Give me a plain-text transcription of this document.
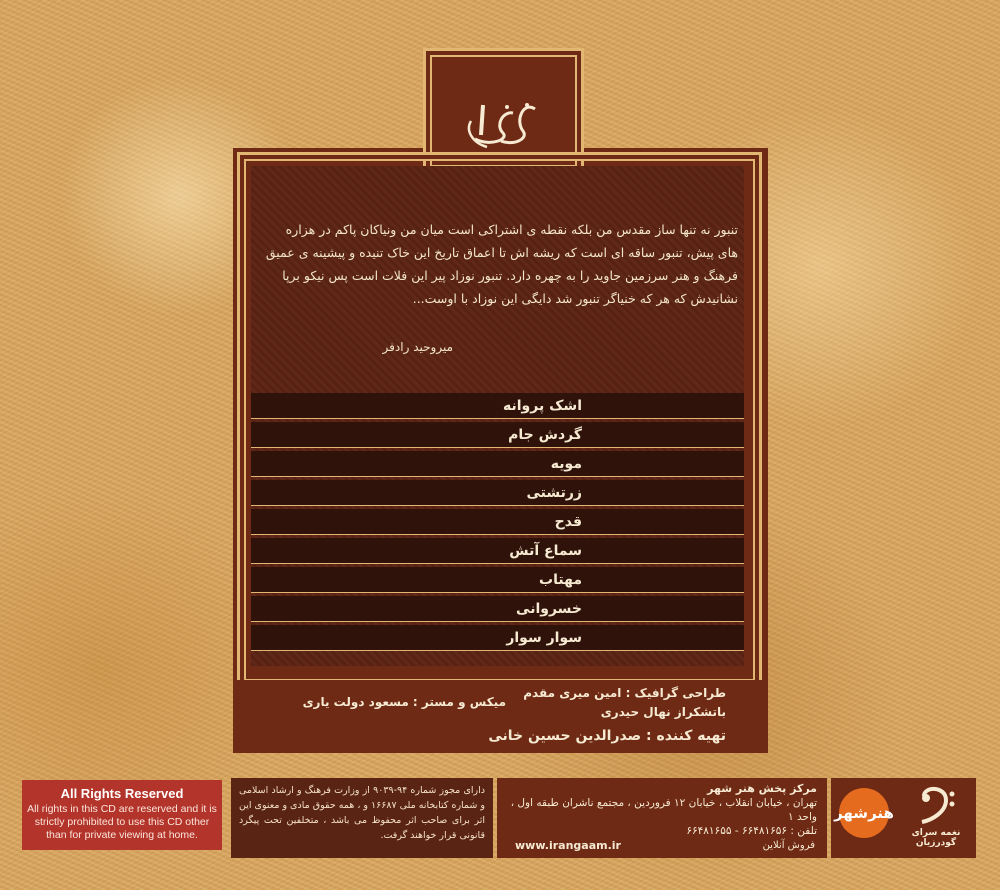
تنبور نه تنها ساز مقدس من بلکه نقطه ی اشتراکی است میان من ونیاکان پاکم در هزاره های پیش، تنبور ساقه ای است که ریشه اش تا اعماق تاریخ این خاک تنیده و پیشینه ی عمیق فرهنگ و هنر سرزمین جاوید را به چهره دارد. تنبور نوزاد پیر این فلات است پس نیکو برپا نشانیدش که هر که خنیاگر تنبور شد دایگی این نوزاد با اوست...
میروحید رادفر
اشک پروانه
گردش جام
مویه
زرتشتی
قدح
سماع آتش
مهتاب
خسروانی
سوار سوار
طراحی گرافیک : امین میری مقدم
باتشکراز نهال حیدری
میکس و مستر : مسعود دولت یاری
تهیه کننده : صدرالدین حسین خانی
All Rights Reserved
All rights in this CD are reserved and it is strictly prohibited to use this CD other than for private viewing at home.
دارای مجوز شماره ۹۴-۹۰۳۹ از وزارت فرهنگ و ارشاد اسلامی و شماره کتابخانه ملی ۱۶۶۸۷ و ، همه حقوق مادی و معنوی این اثر برای صاحب اثر محفوظ می باشد ، متخلفین تحت پیگرد قانونی قرار خواهند گرفت.
مرکز پخش هنر شهر
تهران ، خیابان انقلاب ، خیابان ۱۲ فروردین ، مجتمع ناشران طبقه اول ، واحد ۱
تلفن : ۶۶۴۸۱۶۵۶ - ۶۶۴۸۱۶۵۵
www.irangaam.ir	فروش آنلاین
هنرشهر
نغمه سرای گودرزیان
